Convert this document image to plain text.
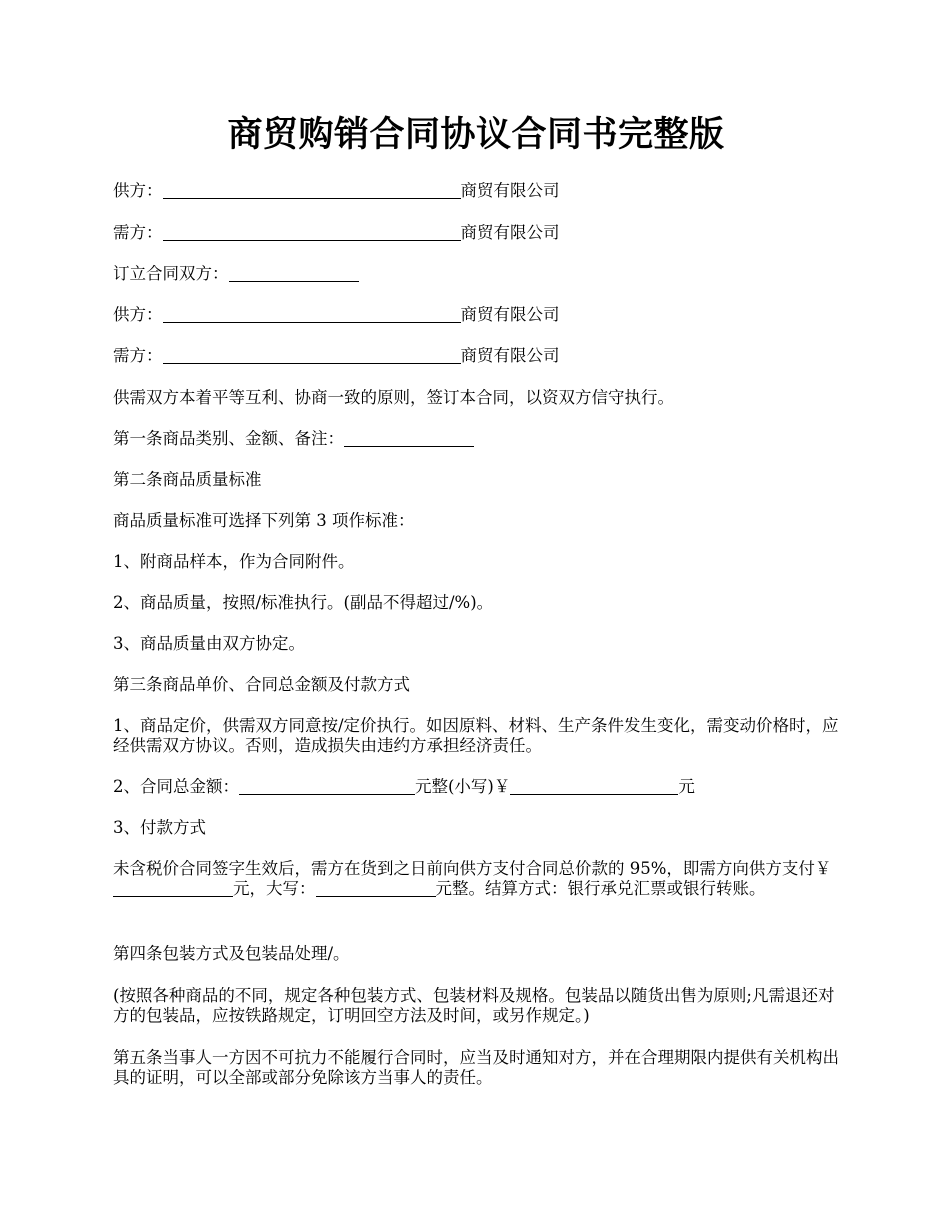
商贸购销合同协议合同书完整版
供方：	商贸有限公司
需方：	商贸有限公司
订立合同双方：
供方：	商贸有限公司
需方：	商贸有限公司
供需双方本着平等互利、协商一致的原则，签订本合同，以资双方信守执行。
第一条商品类别、金额、备注：
第二条商品质量标准
商品质量标准可选择下列第 3 项作标准：
1、附商品样本，作为合同附件。
2、商品质量，按照/标准执行。(副品不得超过/%)。
3、商品质量由双方协定。
第三条商品单价、合同总金额及付款方式
1、商品定价，供需双方同意按/定价执行。如因原料、材料、生产条件发生变化，需变动价格时，应经供需双方协议。否则，造成损失由违约方承担经济责任。
2、合同总金额：	元整(小写)￥	元
3、付款方式
未含税价合同签字生效后，需方在货到之日前向供方支付合同总价款的 95%，即需方向供方支付￥元，大写：	元整。结算方式：银行承兑汇票或银行转账。
第四条包装方式及包装品处理/。
(按照各种商品的不同，规定各种包装方式、包装材料及规格。包装品以随货出售为原则;凡需退还对方的包装品，应按铁路规定，订明回空方法及时间，或另作规定。)
第五条当事人一方因不可抗力不能履行合同时，应当及时通知对方，并在合理期限内提供有关机构出具的证明，可以全部或部分免除该方当事人的责任。
